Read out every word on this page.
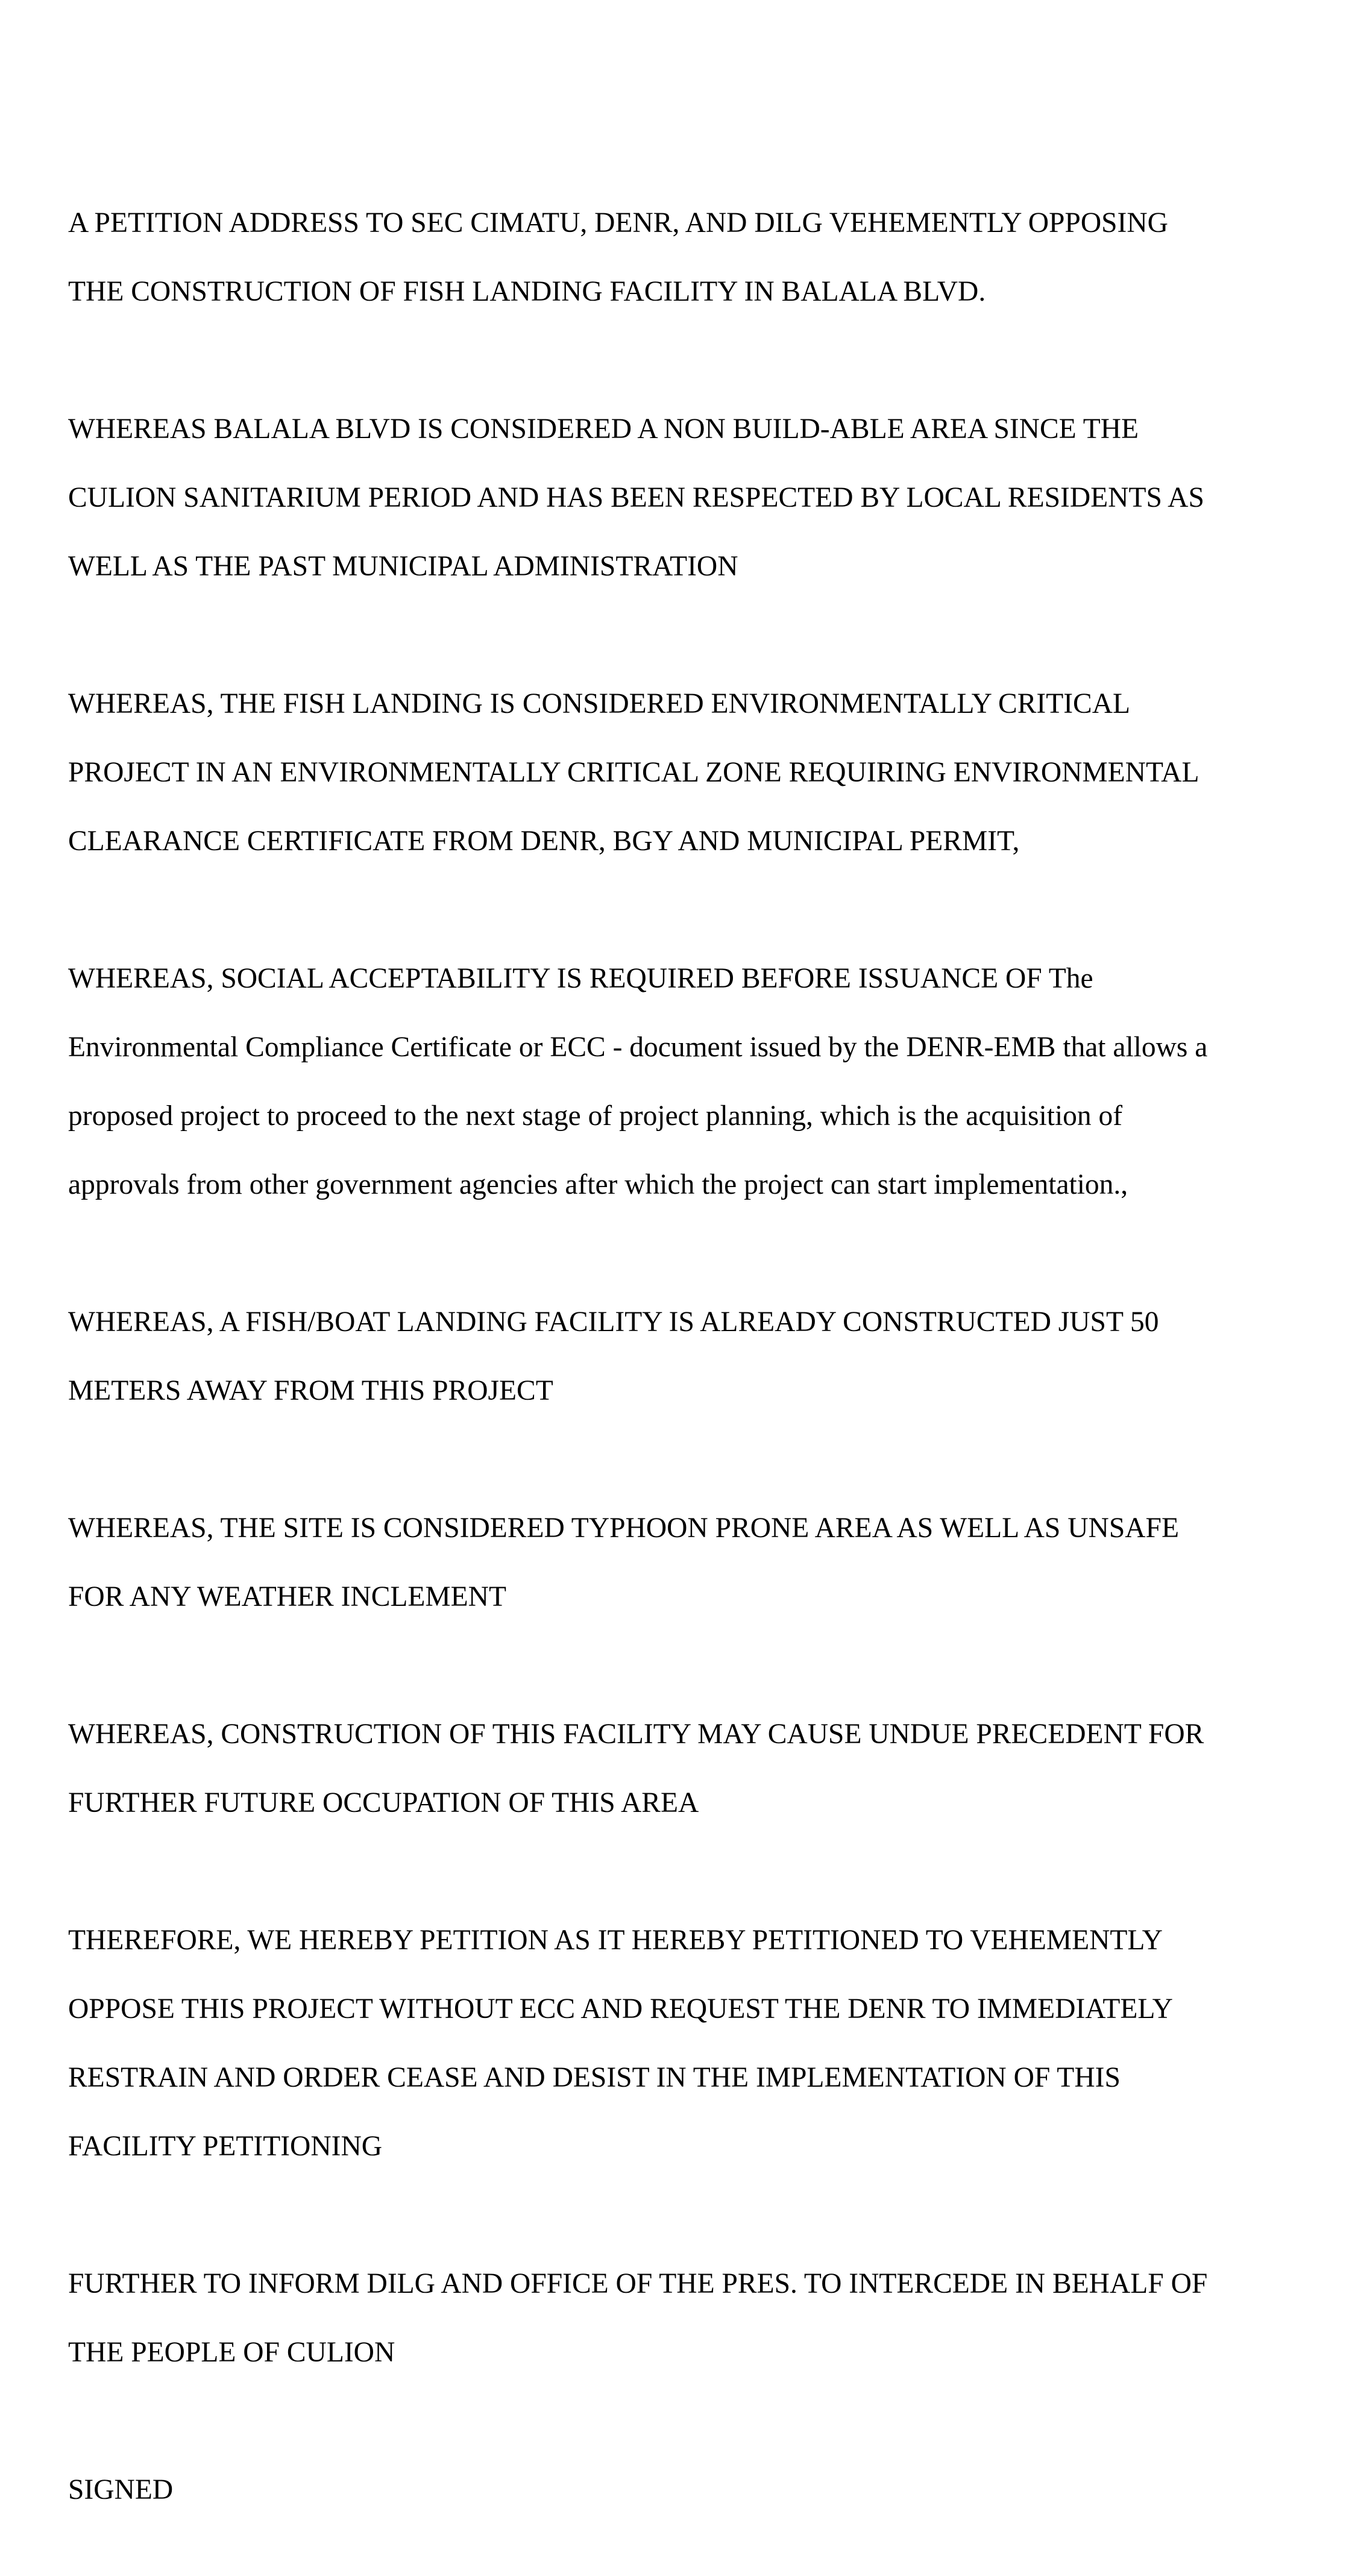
A PETITION ADDRESS TO SEC CIMATU, DENR, AND DILG VEHEMENTLY OPPOSING

THE CONSTRUCTION OF FISH LANDING FACILITY IN BALALA BLVD.

WHEREAS BALALA BLVD IS CONSIDERED A NON BUILD-ABLE AREA SINCE THE

CULION SANITARIUM PERIOD AND HAS BEEN RESPECTED BY LOCAL RESIDENTS AS

WELL AS THE PAST MUNICIPAL ADMINISTRATION

WHEREAS, THE FISH LANDING IS CONSIDERED ENVIRONMENTALLY CRITICAL

PROJECT IN AN ENVIRONMENTALLY CRITICAL ZONE REQUIRING ENVIRONMENTAL

CLEARANCE CERTIFICATE FROM DENR, BGY AND MUNICIPAL PERMIT,

WHEREAS, SOCIAL ACCEPTABILITY IS REQUIRED BEFORE ISSUANCE OF The

Environmental Compliance Certificate or ECC - document issued by the DENR-EMB that allows a

proposed project to proceed to the next stage of project planning, which is the acquisition of

approvals from other government agencies after which the project can start implementation.,

WHEREAS, A FISH/BOAT LANDING FACILITY IS ALREADY CONSTRUCTED JUST 50

METERS AWAY FROM THIS PROJECT

WHEREAS, THE SITE IS CONSIDERED TYPHOON PRONE AREA AS WELL AS UNSAFE

FOR ANY WEATHER INCLEMENT

WHEREAS, CONSTRUCTION OF THIS FACILITY MAY CAUSE UNDUE PRECEDENT FOR

FURTHER FUTURE OCCUPATION OF THIS AREA

THEREFORE, WE HEREBY PETITION AS IT HEREBY PETITIONED TO VEHEMENTLY

OPPOSE THIS PROJECT WITHOUT ECC AND REQUEST THE DENR TO IMMEDIATELY

RESTRAIN AND ORDER CEASE AND DESIST IN THE IMPLEMENTATION OF THIS

FACILITY PETITIONING

FURTHER TO INFORM DILG AND OFFICE OF THE PRES. TO INTERCEDE IN BEHALF OF

THE PEOPLE OF CULION

SIGNED
